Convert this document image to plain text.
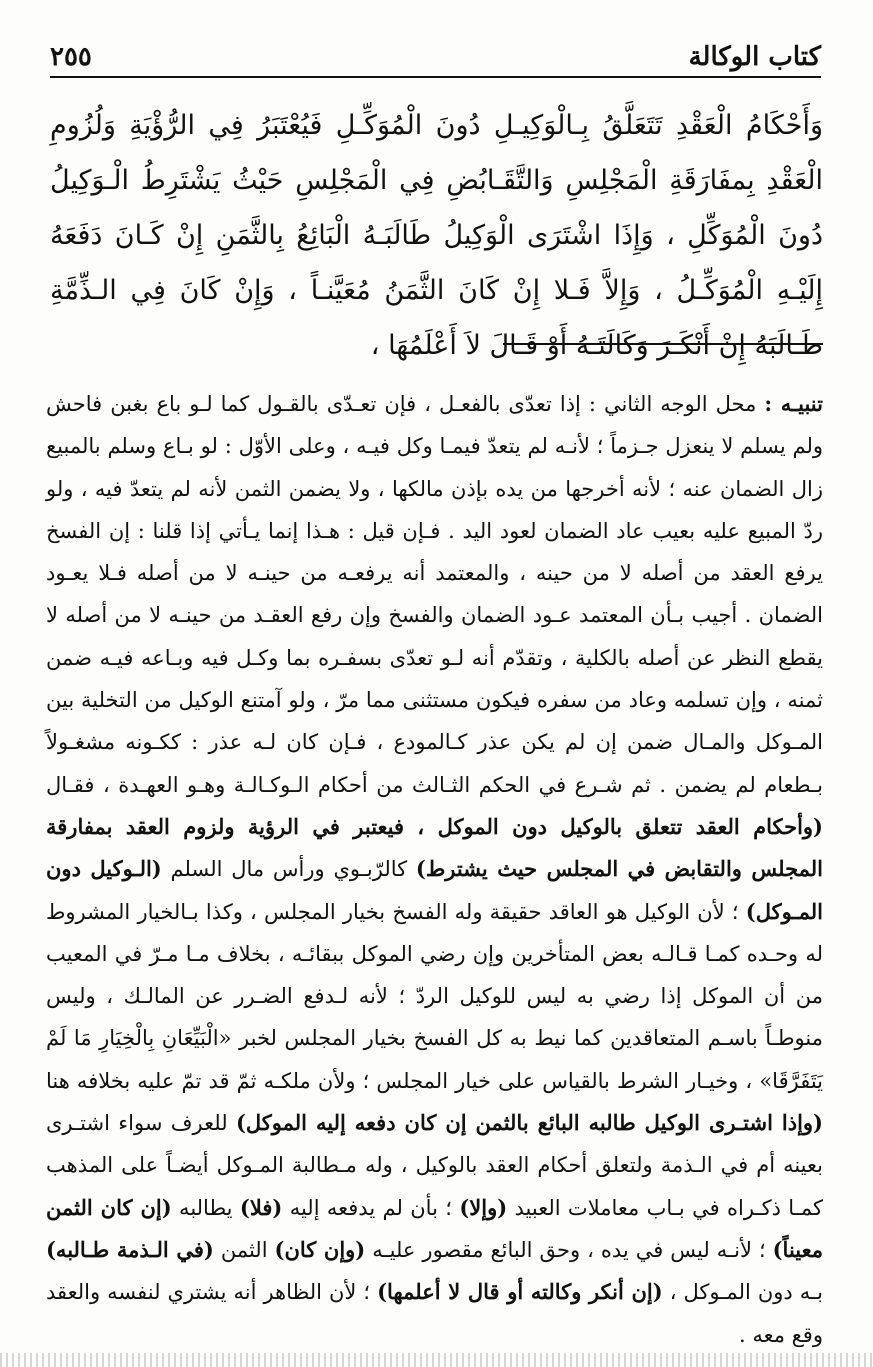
كتاب الوكالة
٢٥٥

وَأَحْكَامُ الْعَقْدِ تَتَعَلَّقُ بِـالْوَكِيـلِ دُونَ الْمُوَكِّـلِ فَيُعْتَبَرُ فِي الرُّؤْيَةِ وَلُزُومِ الْعَقْدِ بِمفَارَقَةِ الْمَجْلِسِ وَالتَّقَـابُضِ فِي الْمَجْلِسِ حَيْثُ يَشْتَرِطُ الْـوَكِيلُ دُونَ الْمُوَكِّلِ ، وَإِذَا اشْتَرَى الْوَكِيلُ طَالَبَـهُ الْبَائِعُ بِالثَّمَنِ إِنْ كَـانَ دَفَعَهُ إِلَيْـهِ الْمُوَكِّـلُ ، وَإِلاَّ فَـلا إِنْ كَانَ الثَّمَنُ مُعَيَّنـاً ، وَإِنْ كَانَ فِي الـذِّمَّةِ طَـالَبَهُ إِنْ أَنْكَـرَ وَكَالَتَـهُ أَوْ قَـالَ لاَ أَعْلَمُهَا ،

تنبيـه : محل الوجه الثاني : إذا تعدّى بالفعـل ، فإن تعـدّى بالقـول كما لـو باع بغبن فاحش ولم يسلم لا ينعزل جـزماً ؛ لأنـه لم يتعدّ فيمـا وكل فيـه ، وعلى الأوّل : لو بـاع وسلم بالمبيع زال الضمان عنه ؛ لأنه أخرجها من يده بإذن مالكها ، ولا يضمن الثمن لأنه لم يتعدّ فيه ، ولو ردّ المبيع عليه بعيب عاد الضمان لعود اليد . فـإن قيل : هـذا إنما يـأتي إذا قلنا : إن الفسخ يرفع العقد من أصله لا من حينه ، والمعتمد أنه يرفعـه من حينـه لا من أصله فـلا يعـود الضمان . أجيب بـأن المعتمد عـود الضمان والفسخ وإن رفع العقـد من حينـه لا من أصله لا يقطع النظر عن أصله بالكلية ، وتقدّم أنه لـو تعدّى بسفـره بما وكـل فيه وبـاعه فيـه ضمن ثمنه ، وإن تسلمه وعاد من سفره فيكون مستثنى مما مرّ ، ولو آمتنع الوكيل من التخلية بين المـوكل والمـال ضمن إن لم يكن عذر كـالمودع ، فـإن كان لـه عذر : ككـونه مشغـولاً بـطعام لم يضمن . ثم شـرع في الحكم الثـالث من أحكام الـوكـالـة وهـو العهـدة ، فقـال (وأحكام العقد تتعلق بالوكيل دون الموكل ، فيعتبر في الرؤية ولزوم العقد بمفارقة المجلس والتقابض في المجلس حيث يشترط) كالرّبـوي ورأس مال السلم (الـوكيل دون المـوكل) ؛ لأن الوكيل هو العاقد حقيقة وله الفسخ بخيار المجلس ، وكذا بـالخيار المشروط له وحـده كمـا قـالـه بعض المتأخرين وإن رضي الموكل ببقائـه ، بخلاف مـا مـرّ في المعيب من أن الموكل إذا رضي به ليس للوكيل الردّ ؛ لأنه لـدفع الضـرر عن المالـك ، وليس منوطـاً باسـم المتعاقدين كما نيط به كل الفسخ بخيار المجلس لخبر «الْبَيِّعَانِ بِالْخِيَارِ مَا لَمْ يَتَفَرَّقَا» ، وخيـار الشرط بالقياس على خيار المجلس ؛ ولأن ملكـه ثمّ قد تمّ عليه بخلافه هنا (وإذا اشتـرى الوكيل طالبه البائع بالثمن إن كان دفعه إليه الموكل) للعرف سواء اشتـرى بعينه أم في الـذمة ولتعلق أحكام العقد بالوكيل ، وله مـطالبة المـوكل أيضـاً على المذهب كمـا ذكـراه في بـاب معاملات العبيد (وإلا) ؛ بأن لم يدفعه إليه (فلا) يطالبه (إن كان الثمن معيناً) ؛ لأنـه ليس في يده ، وحق البائع مقصور عليـه (وإن كان) الثمن (في الـذمة طـالبه) بـه دون المـوكل ، (إن أنكر وكالته أو قال لا أعلمها) ؛ لأن الظاهر أنه يشتري لنفسه والعقد وقع معه .
